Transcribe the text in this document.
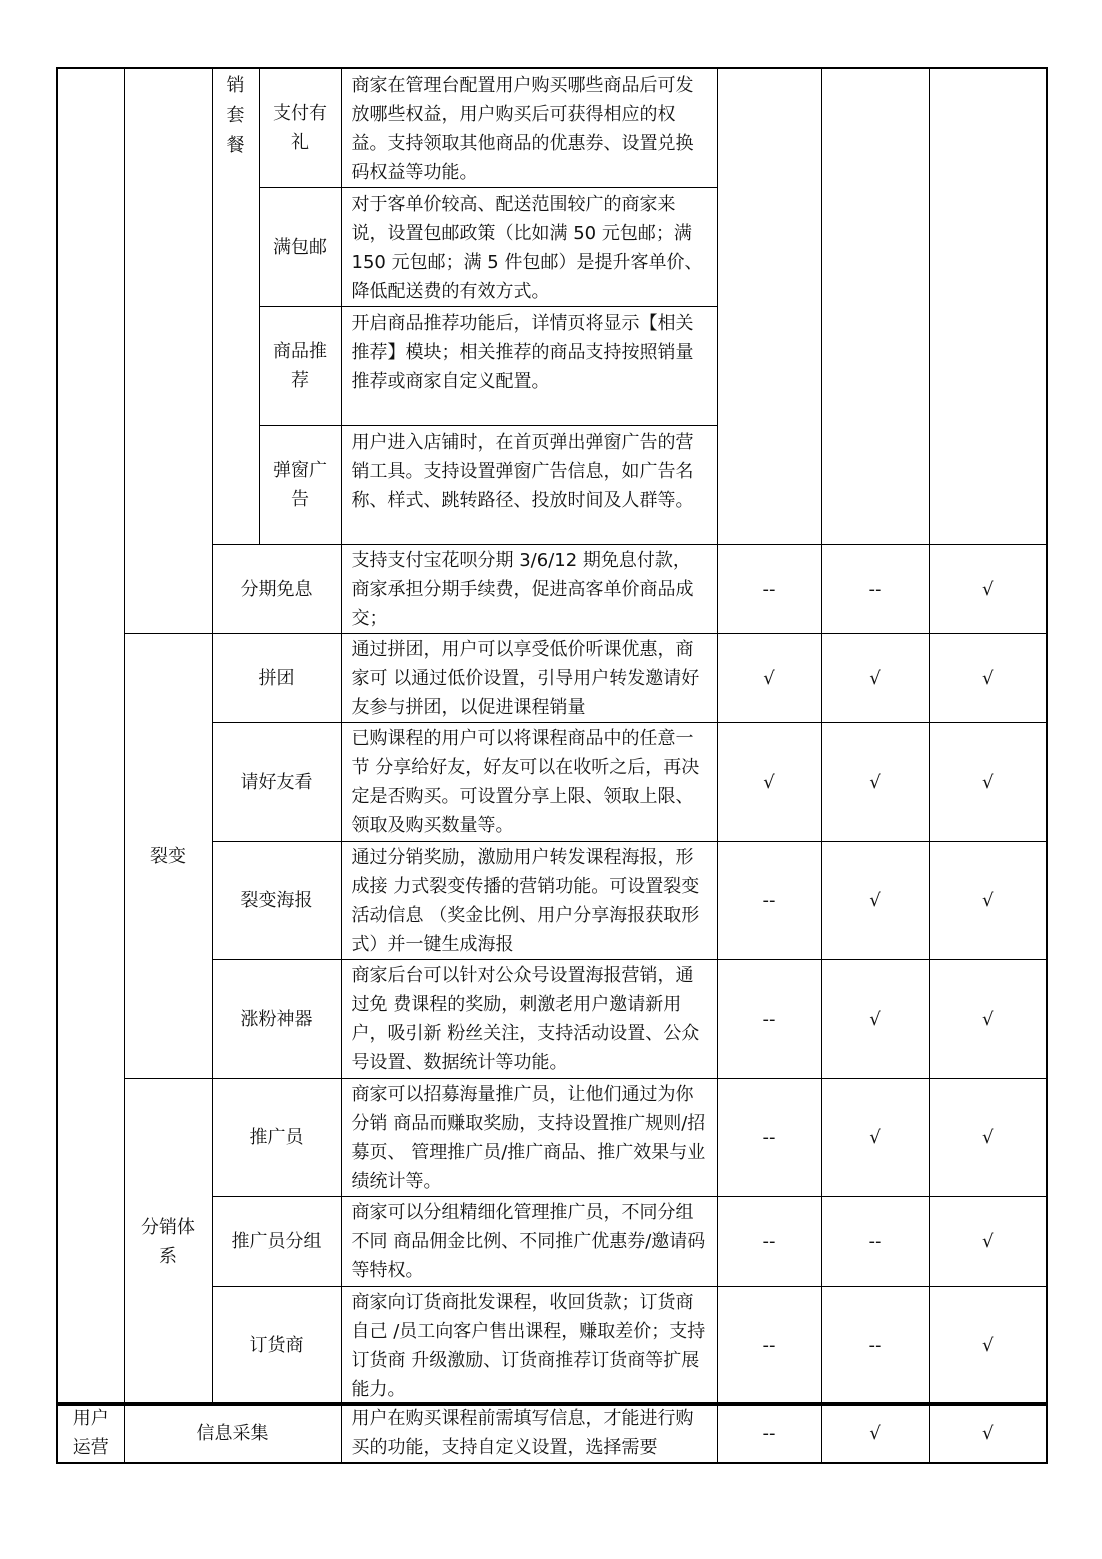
		销套餐	支付有礼	商家在管理台配置用户购买哪些商品后可发放哪些权益，用户购买后可获得相应的权益。支持领取其他商品的优惠券、设置兑换码权益等功能。			
			满包邮	对于客单价较高、配送范围较广的商家来说，设置包邮政策（比如满 50 元包邮；满 150 元包邮；满 5 件包邮）是提升客单价、降低配送费的有效方式。			
			商品推荐	开启商品推荐功能后，详情页将显示【相关推荐】模块；相关推荐的商品支持按照销量推荐或商家自定义配置。			
			弹窗广告	用户进入店铺时，在首页弹出弹窗广告的营销工具。支持设置弹窗广告信息，如广告名称、样式、跳转路径、投放时间及人群等。			
		分期免息		支持支付宝花呗分期 3/6/12 期免息付款，商家承担分期手续费，促进高客单价商品成交；	--	--	√
	裂变	拼团		通过拼团，用户可以享受低价听课优惠，商家可 以通过低价设置，引导用户转发邀请好友参与拼团，以促进课程销量	√	√	√
		请好友看		已购课程的用户可以将课程商品中的任意一节 分享给好友，好友可以在收听之后，再决定是否购买。可设置分享上限、领取上限、领取及购买数量等。	√	√	√
		裂变海报		通过分销奖励，激励用户转发课程海报，形成接 力式裂变传播的营销功能。可设置裂变活动信息 （奖金比例、用户分享海报获取形式）并一键生成海报	--	√	√
		涨粉神器		商家后台可以针对公众号设置海报营销，通过免 费课程的奖励，刺激老用户邀请新用户，吸引新 粉丝关注，支持活动设置、公众号设置、数据统计等功能。	--	√	√
	分销体系	推广员		商家可以招募海量推广员，让他们通过为你分销 商品而赚取奖励，支持设置推广规则/招募页、 管理推广员/推广商品、推广效果与业绩统计等。	--	√	√
		推广员分组		商家可以分组精细化管理推广员，不同分组不同 商品佣金比例、不同推广优惠券/邀请码等特权。	--	--	√
		订货商		商家向订货商批发课程，收回货款；订货商自己 /员工向客户售出课程，赚取差价；支持订货商 升级激励、订货商推荐订货商等扩展能力。	--	--	√
用户运营	信息采集	用户在购买课程前需填写信息，才能进行购买的功能，支持自定义设置，选择需要	--	√	√
